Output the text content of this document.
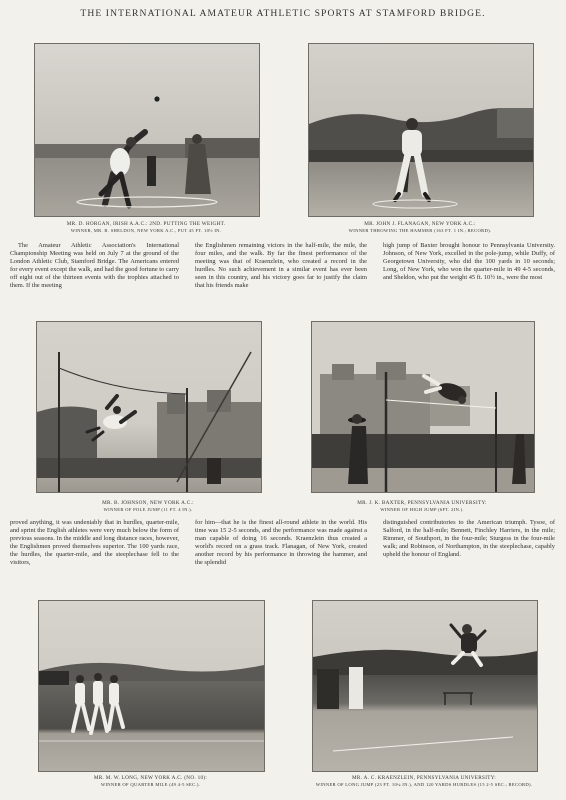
THE INTERNATIONAL AMATEUR ATHLETIC SPORTS AT STAMFORD BRIDGE.
MR. D. HORGAN, IRISH A.A.C.: 2ND. PUTTING THE WEIGHT.
WINNER, MR. R. SHELDON, NEW YORK A.C., PUT 45 FT. 10½ IN.
MR. JOHN J. FLANAGAN, NEW YORK A.C.:
WINNER THROWING THE HAMMER (163 FT. 1 IN.; RECORD).

The Amateur Athletic Association's International Championship Meeting was held on July 7 at the ground of the London Athletic Club, Stamford Bridge. The Americans entered for every event except the walk, and had the good fortune to carry off eight out of the thirteen events with the trophies attached to them. If the meeting

the Englishmen remaining victors in the half-mile, the mile, the four miles, and the walk. By far the finest performance of the meeting was that of Kraenzlein, who created a record in the hurdles. No such achievement in a similar event has ever been seen in this country, and his victory goes far to justify the claim that his friends make

high jump of Baxter brought honour to Pennsylvania University. Johnson, of New York, excelled in the pole-jump, while Duffy, of Georgetown University, who did the 100 yards in 10 seconds; Long, of New York, who won the quarter-mile in 49 4-5 seconds, and Sheldon, who put the weight 45 ft. 10½ in., were the most

MR. B. JOHNSON, NEW YORK A.C.:
WINNER OF POLE JUMP (11 FT. 4 IN.).
MR. J. K. BAXTER, PENNSYLVANIA UNIVERSITY:
WINNER OF HIGH JUMP (6FT. 2IN.).

proved anything, it was undeniably that in hurdles, quarter-mile, and sprint the English athletes were very much below the form of previous seasons. In the middle and long distance races, however, the Englishmen proved themselves superior. The 100 yards race, the hurdles, the quarter-mile, and the steeplechase fell to the visitors,

for him—that he is the finest all-round athlete in the world. His time was 15 2-5 seconds, and the performance was made against a man capable of doing 16 seconds. Kraenzlein thus created a world's record on a grass track. Flanagan, of New York, created another record by his performance in throwing the hammer, and the splendid

distinguished contributories to the American triumph. Tysoe, of Salford, in the half-mile; Bennett, Finchley Harriers, in the mile; Rimmer, of Southport, in the four-mile; Sturgess in the four-mile walk; and Robinson, of Northampton, in the steeplechase, capably upheld the honour of England.

MR. M. W. LONG, NEW YORK A.C. (NO. 10):
WINNER OF QUARTER MILE (49 4-5 SEC.).
MR. A. C. KRAENZLEIN, PENNSYLVANIA UNIVERSITY:
WINNER OF LONG JUMP (23 FT. 10¼ IN.), AND 120 YARDS HURDLES (15 2-5 SEC.; RECORD).
